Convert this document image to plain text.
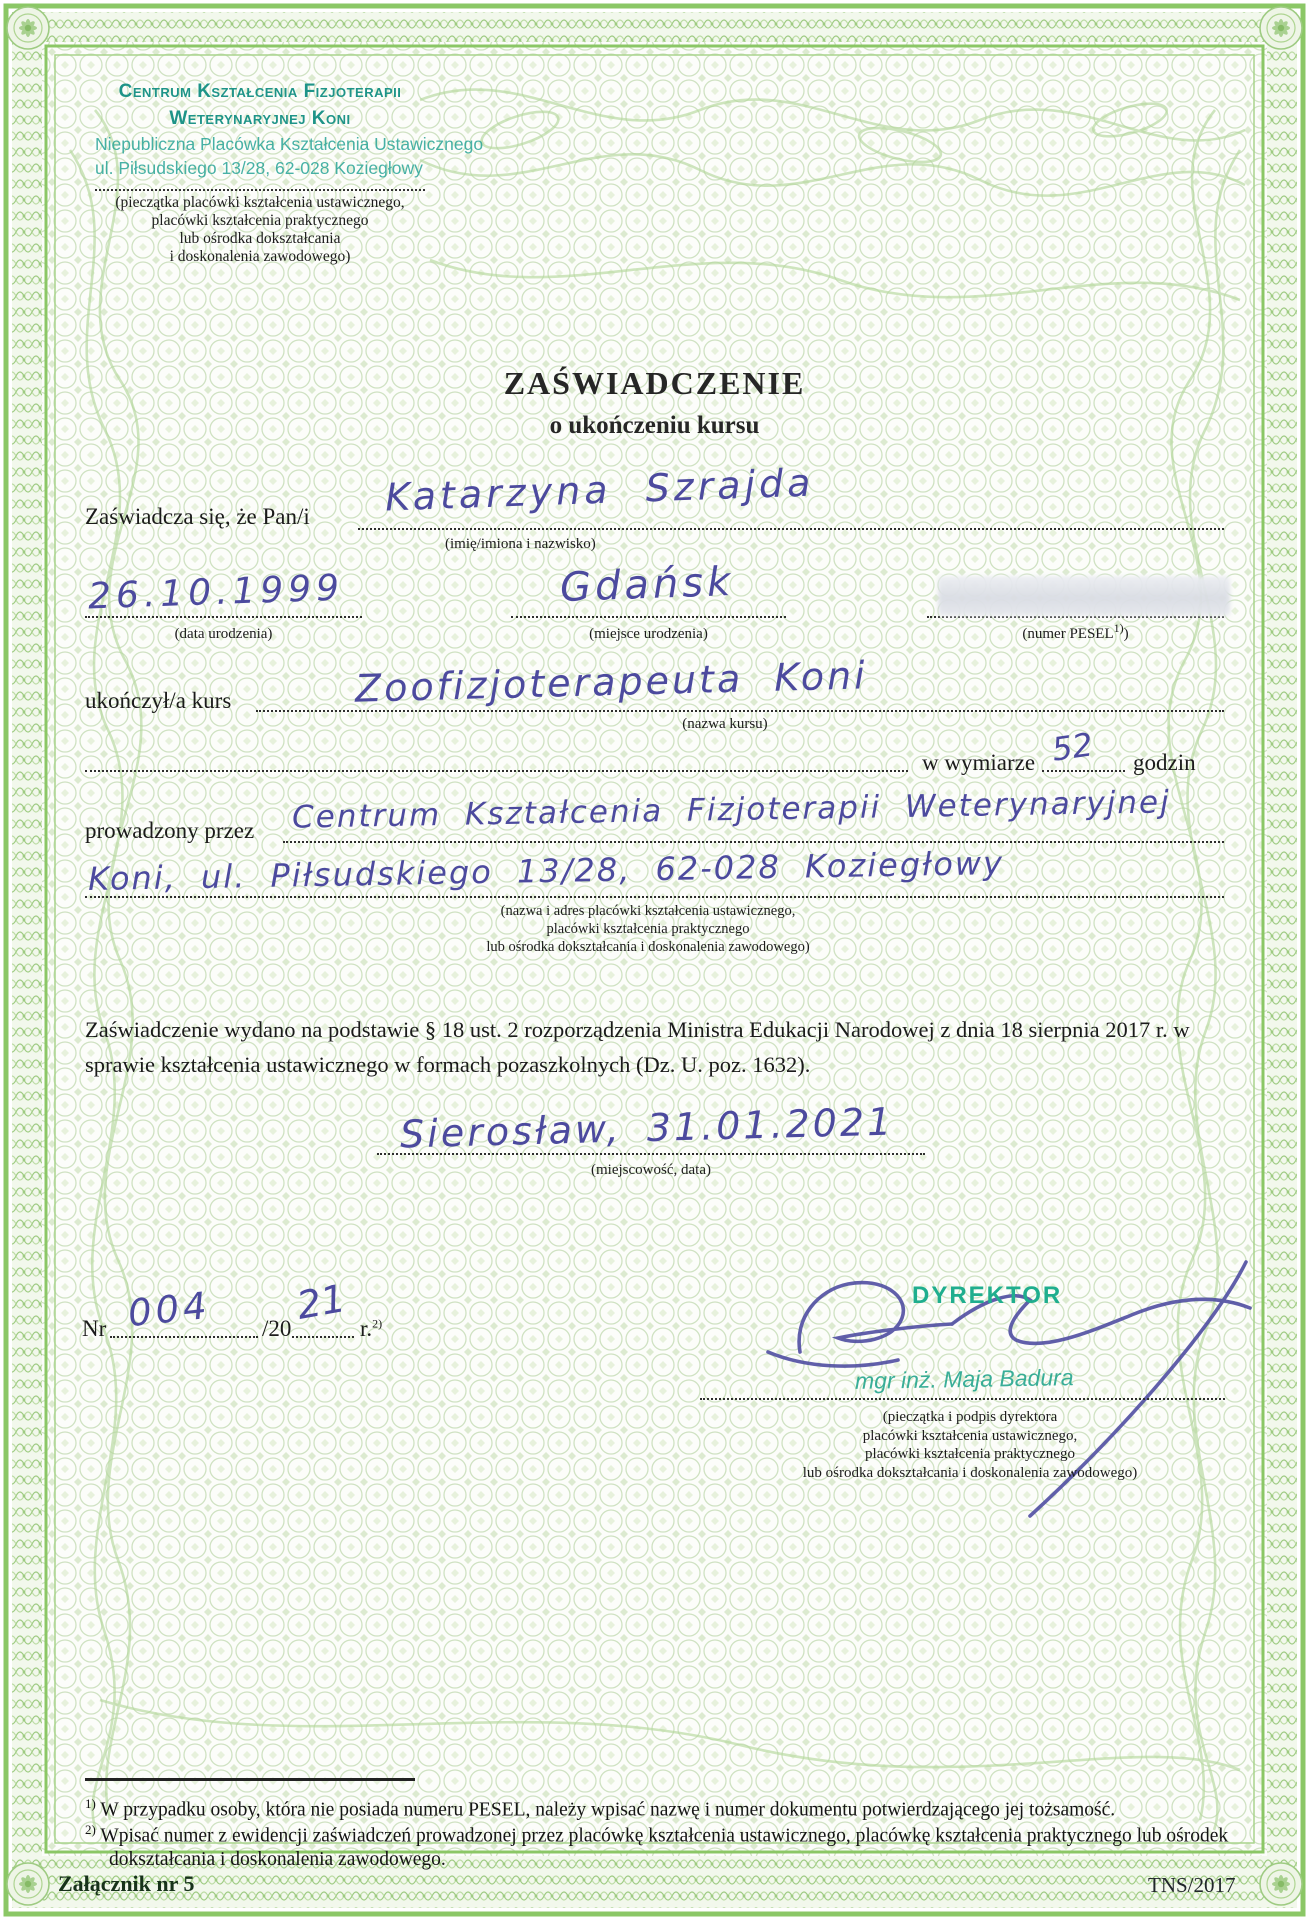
Centrum Kształcenia Fizjoterapii
Weterynaryjnej Koni
Niepubliczna Placówka Kształcenia Ustawicznego
ul. Piłsudskiego 13/28, 62-028 Koziegłowy
(pieczątka placówki kształcenia ustawicznego,
placówki kształcenia praktycznego
lub ośrodka dokształcania
i doskonalenia zawodowego)
ZAŚWIADCZENIE
o ukończeniu kursu
Zaświadcza się, że Pan/i Katarzyna Szrajda
(imię/imiona i nazwisko)
26.10.1999
(data urodzenia)
Gdańsk
(miejsce urodzenia)	(numer PESEL$^{1)}$)
ukończył/a kurs	Zoofizjoterapeuta Koni
(nazwa kursu)
w wymiarze 52 godzin
prowadzony przez Centrum Kształcenia Fizjoterapii Weterynaryjnej
Koni, ul. Piłsudskiego 13/28, 62-028 Koziegłowy
(nazwa i adres placówki kształcenia ustawicznego,
placówki kształcenia praktycznego
lub ośrodka dokształcania i doskonalenia zawodowego)
Zaświadczenie wydano na podstawie § 18 ust. 2 rozporządzenia Ministra Edukacji Narodowej z dnia 18 sierpnia 2017 r. w sprawie kształcenia ustawicznego w formach pozaszkolnych (Dz. U. poz. 1632).
Sierosław, 31.01.2021
(miejscowość, data)
Nr 004 /20
21
r.$^{2)}$
DYREKTOR
mgr inż. Maja Badura
(pieczątka i podpis dyrektora
placówki kształcenia ustawicznego,
placówki kształcenia praktycznego
lub ośrodka dokształcania i doskonalenia zawodowego)
$^{1)}$ W przypadku osoby, która nie posiada numeru PESEL, należy wpisać nazwę i numer dokumentu potwierdzającego jej tożsamość.
$^{2)}$ Wpisać numer z ewidencji zaświadczeń prowadzonej przez placówkę kształcenia ustawicznego, placówkę kształcenia praktycznego lub ośrodek dokształcania i doskonalenia zawodowego.
Załącznik nr 5	TNS/2017
